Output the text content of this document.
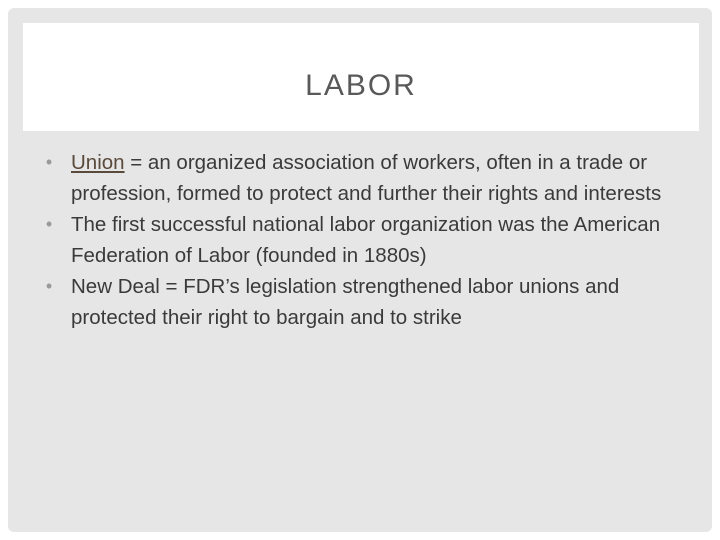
LABOR
• Union = an organized association of workers, often in a trade or profession, formed to protect and further their rights and interests
• The first successful national labor organization was the American Federation of Labor (founded in 1880s)
• New Deal = FDR’s legislation strengthened labor unions and protected their right to bargain and to strike
